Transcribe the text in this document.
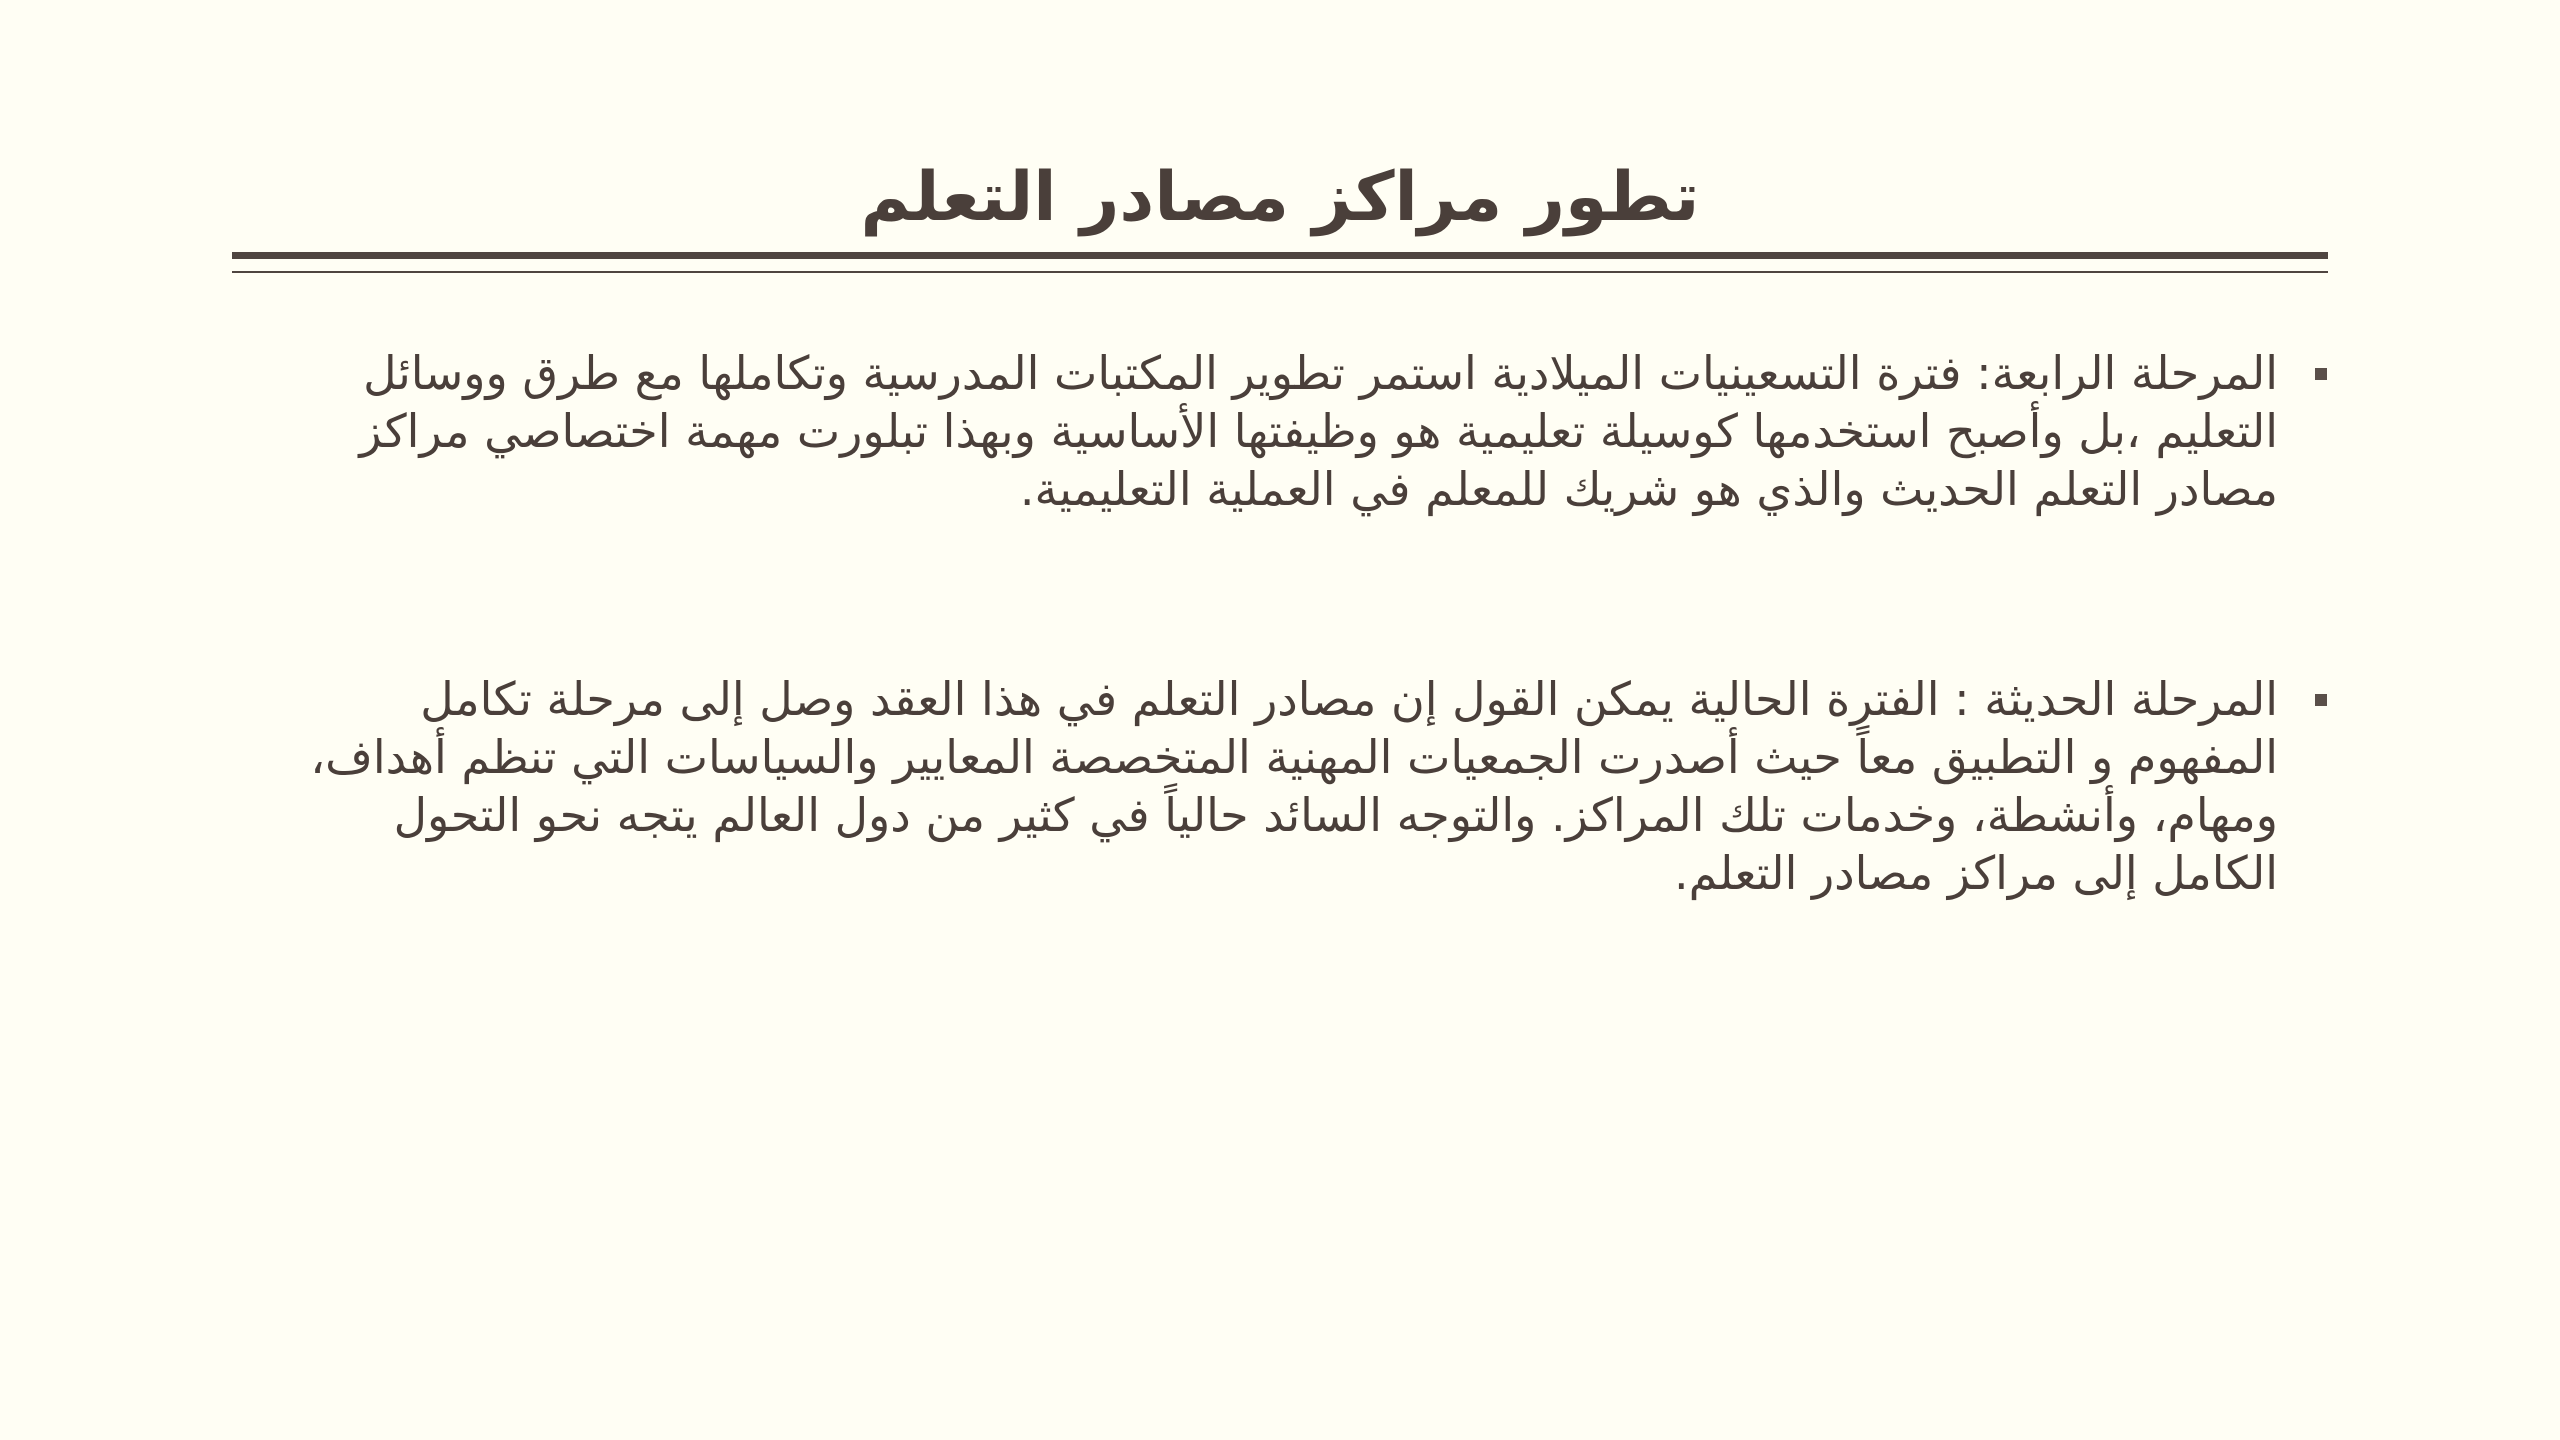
تطور مراكز مصادر التعلم
المرحلة الرابعة: فترة التسعينيات الميلادية استمر تطوير المكتبات المدرسية وتكاملها مع طرق ووسائل التعليم ،بل وأصبح استخدمها كوسيلة تعليمية هو وظيفتها الأساسية وبهذا تبلورت مهمة اختصاصي مراكز مصادر التعلم الحديث والذي هو شريك للمعلم في العملية التعليمية.
المرحلة الحديثة : الفترة الحالية يمكن القول إن مصادر التعلم في هذا العقد وصل إلى مرحلة تكامل المفهوم و التطبيق معاً حيث أصدرت الجمعيات المهنية المتخصصة المعايير والسياسات التي تنظم أهداف، ومهام، وأنشطة، وخدمات تلك المراكز. والتوجه السائد حالياً في كثير من دول العالم يتجه نحو التحول الكامل إلى مراكز مصادر التعلم.
